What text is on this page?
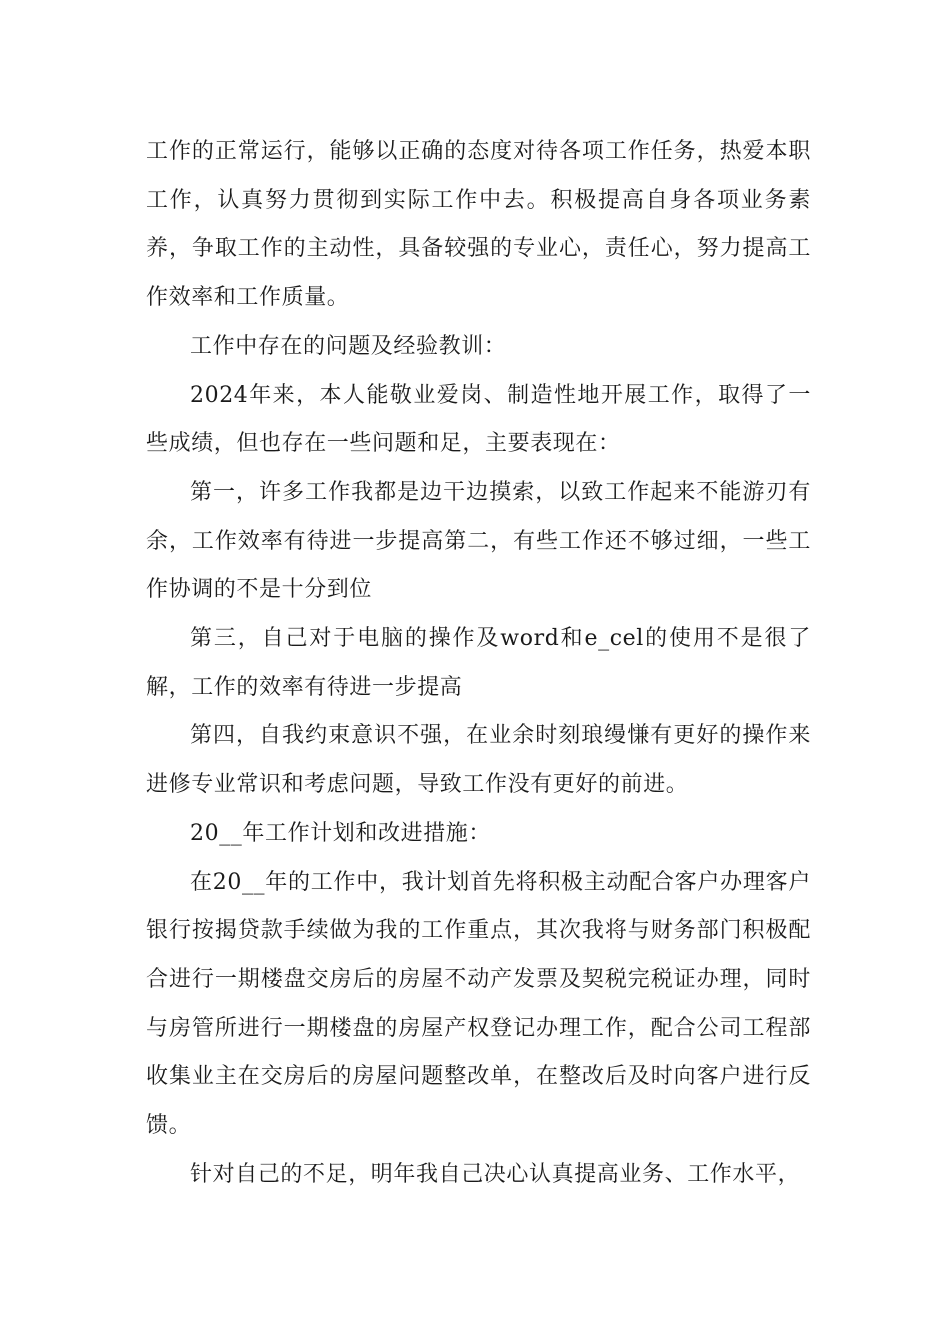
工作的正常运行，能够以正确的态度对待各项工作任务，热爱本职工作，认真努力贯彻到实际工作中去。积极提高自身各项业务素养，争取工作的主动性，具备较强的专业心，责任心，努力提高工作效率和工作质量。

工作中存在的问题及经验教训：

2024年来，本人能敬业爱岗、制造性地开展工作，取得了一些成绩，但也存在一些问题和足，主要表现在：

第一，许多工作我都是边干边摸索，以致工作起来不能游刃有余，工作效率有待进一步提高第二，有些工作还不够过细，一些工作协调的不是十分到位

第三，自己对于电脑的操作及word和e_cel的使用不是很了解，工作的效率有待进一步提高

第四，自我约束意识不强，在业余时刻琅缦慊有更好的操作来进修专业常识和考虑问题，导致工作没有更好的前进。

20__年工作计划和改进措施：

在20__年的工作中，我计划首先将积极主动配合客户办理客户银行按揭贷款手续做为我的工作重点，其次我将与财务部门积极配合进行一期楼盘交房后的房屋不动产发票及契税完税证办理，同时与房管所进行一期楼盘的房屋产权登记办理工作，配合公司工程部收集业主在交房后的房屋问题整改单，在整改后及时向客户进行反馈。

针对自己的不足，明年我自己决心认真提高业务、工作水平，
